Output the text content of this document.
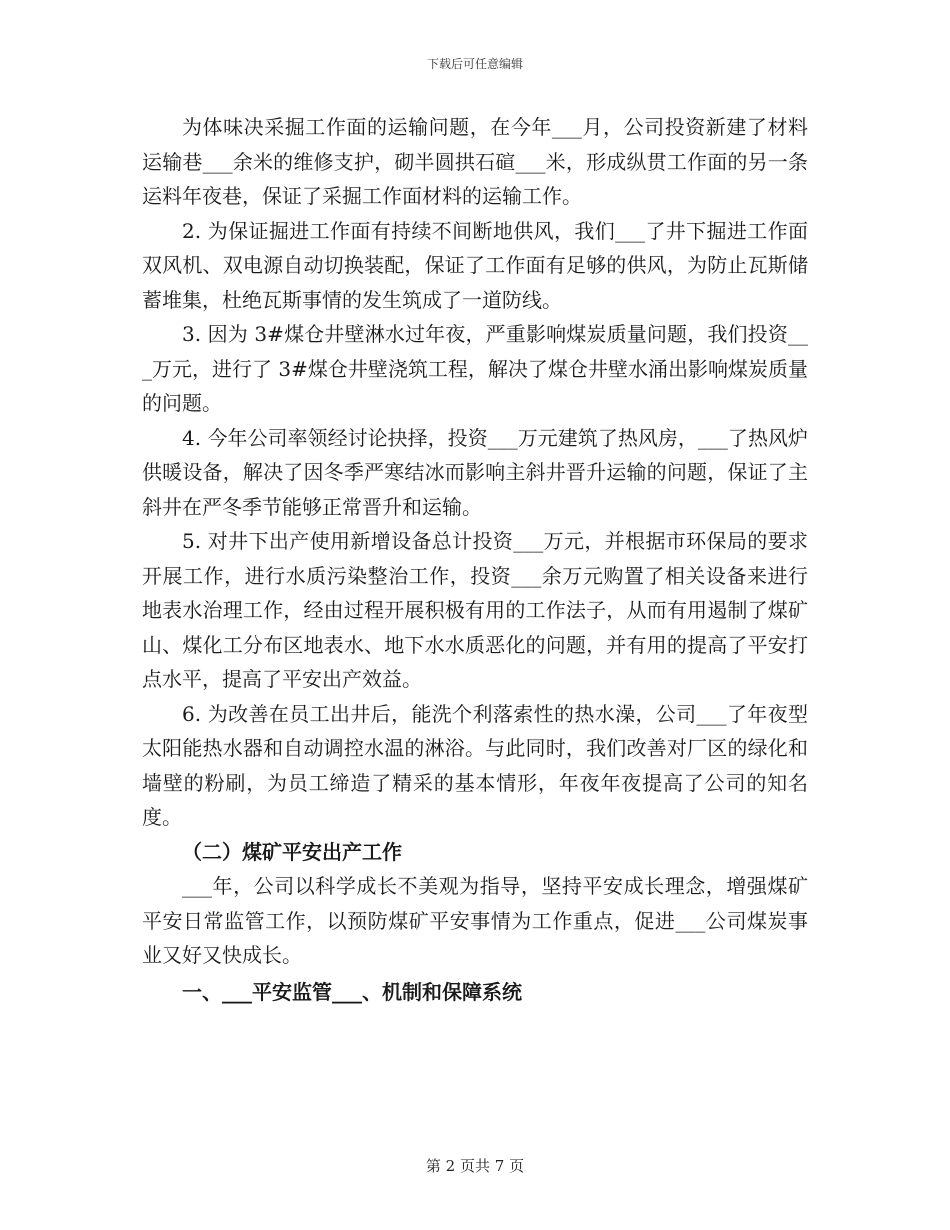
下载后可任意编辑

为体味决采掘工作面的运输问题，在今年___月，公司投资新建了材料运输巷___余米的维修支护，砌半圆拱石碹___米，形成纵贯工作面的另一条运料年夜巷，保证了采掘工作面材料的运输工作。

2. 为保证掘进工作面有持续不间断地供风，我们___了井下掘进工作面双风机、双电源自动切换装配，保证了工作面有足够的供风，为防止瓦斯储蓄堆集，杜绝瓦斯事情的发生筑成了一道防线。

3. 因为 3#煤仓井壁淋水过年夜，严重影响煤炭质量问题，我们投资___万元，进行了 3#煤仓井壁浇筑工程，解决了煤仓井壁水涌出影响煤炭质量的问题。

4. 今年公司率领经讨论抉择，投资___万元建筑了热风房，___了热风炉供暖设备，解决了因冬季严寒结冰而影响主斜井晋升运输的问题，保证了主斜井在严冬季节能够正常晋升和运输。

5. 对井下出产使用新增设备总计投资___万元，并根据市环保局的要求开展工作，进行水质污染整治工作，投资___余万元购置了相关设备来进行地表水治理工作，经由过程开展积极有用的工作法子，从而有用遏制了煤矿山、煤化工分布区地表水、地下水水质恶化的问题，并有用的提高了平安打点水平，提高了平安出产效益。

6. 为改善在员工出井后，能洗个利落索性的热水澡，公司___了年夜型太阳能热水器和自动调控水温的淋浴。与此同时，我们改善对厂区的绿化和墙壁的粉刷，为员工缔造了精采的基本情形，年夜年夜提高了公司的知名度。

（二）煤矿平安出产工作

___年，公司以科学成长不美观为指导，坚持平安成长理念，增强煤矿平安日常监管工作，以预防煤矿平安事情为工作重点，促进___公司煤炭事业又好又快成长。

一、___平安监管___、机制和保障系统

第 2 页共 7 页
